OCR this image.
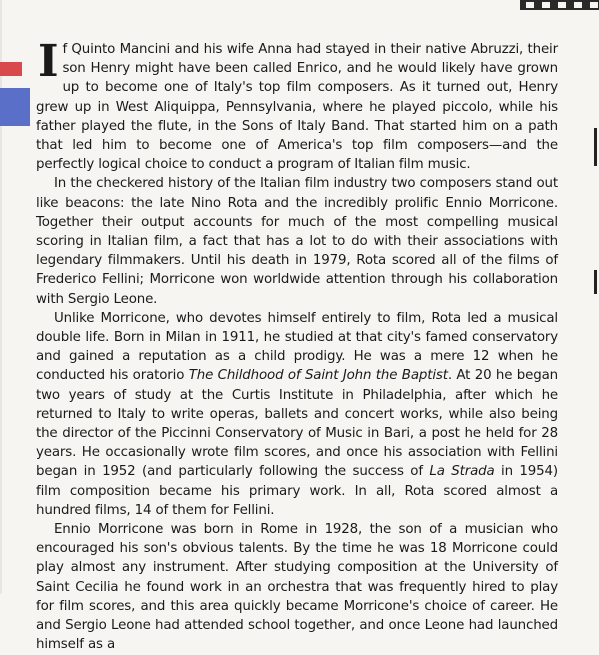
If Quinto Mancini and his wife Anna had stayed in their native Abruzzi, their son Henry might have been called Enrico, and he would likely have grown up to become one of Italy's top film composers. As it turned out, Henry grew up in West Aliquippa, Pennsylvania, where he played piccolo, while his father played the flute, in the Sons of Italy Band. That started him on a path that led him to become one of America's top film composers—and the perfectly logical choice to conduct a program of Italian film music.

In the checkered history of the Italian film industry two composers stand out like beacons: the late Nino Rota and the incredibly prolific Ennio Morricone. Together their output accounts for much of the most compelling musical scoring in Italian film, a fact that has a lot to do with their associations with legendary filmmakers. Until his death in 1979, Rota scored all of the films of Frederico Fellini; Morricone won worldwide attention through his collaboration with Sergio Leone.

Unlike Morricone, who devotes himself entirely to film, Rota led a musical double life. Born in Milan in 1911, he studied at that city's famed conservatory and gained a reputation as a child prodigy. He was a mere 12 when he conducted his oratorio The Childhood of Saint John the Baptist. At 20 he began two years of study at the Curtis Institute in Philadelphia, after which he returned to Italy to write operas, ballets and concert works, while also being the director of the Piccinni Conservatory of Music in Bari, a post he held for 28 years. He occasionally wrote film scores, and once his association with Fellini began in 1952 (and particularly following the success of La Strada in 1954) film composition became his primary work. In all, Rota scored almost a hundred films, 14 of them for Fellini.

Ennio Morricone was born in Rome in 1928, the son of a musician who encouraged his son's obvious talents. By the time he was 18 Morricone could play almost any instrument. After studying composition at the University of Saint Cecilia he found work in an orchestra that was frequently hired to play for film scores, and this area quickly became Morricone's choice of career. He and Sergio Leone had attended school together, and once Leone had launched himself as a
